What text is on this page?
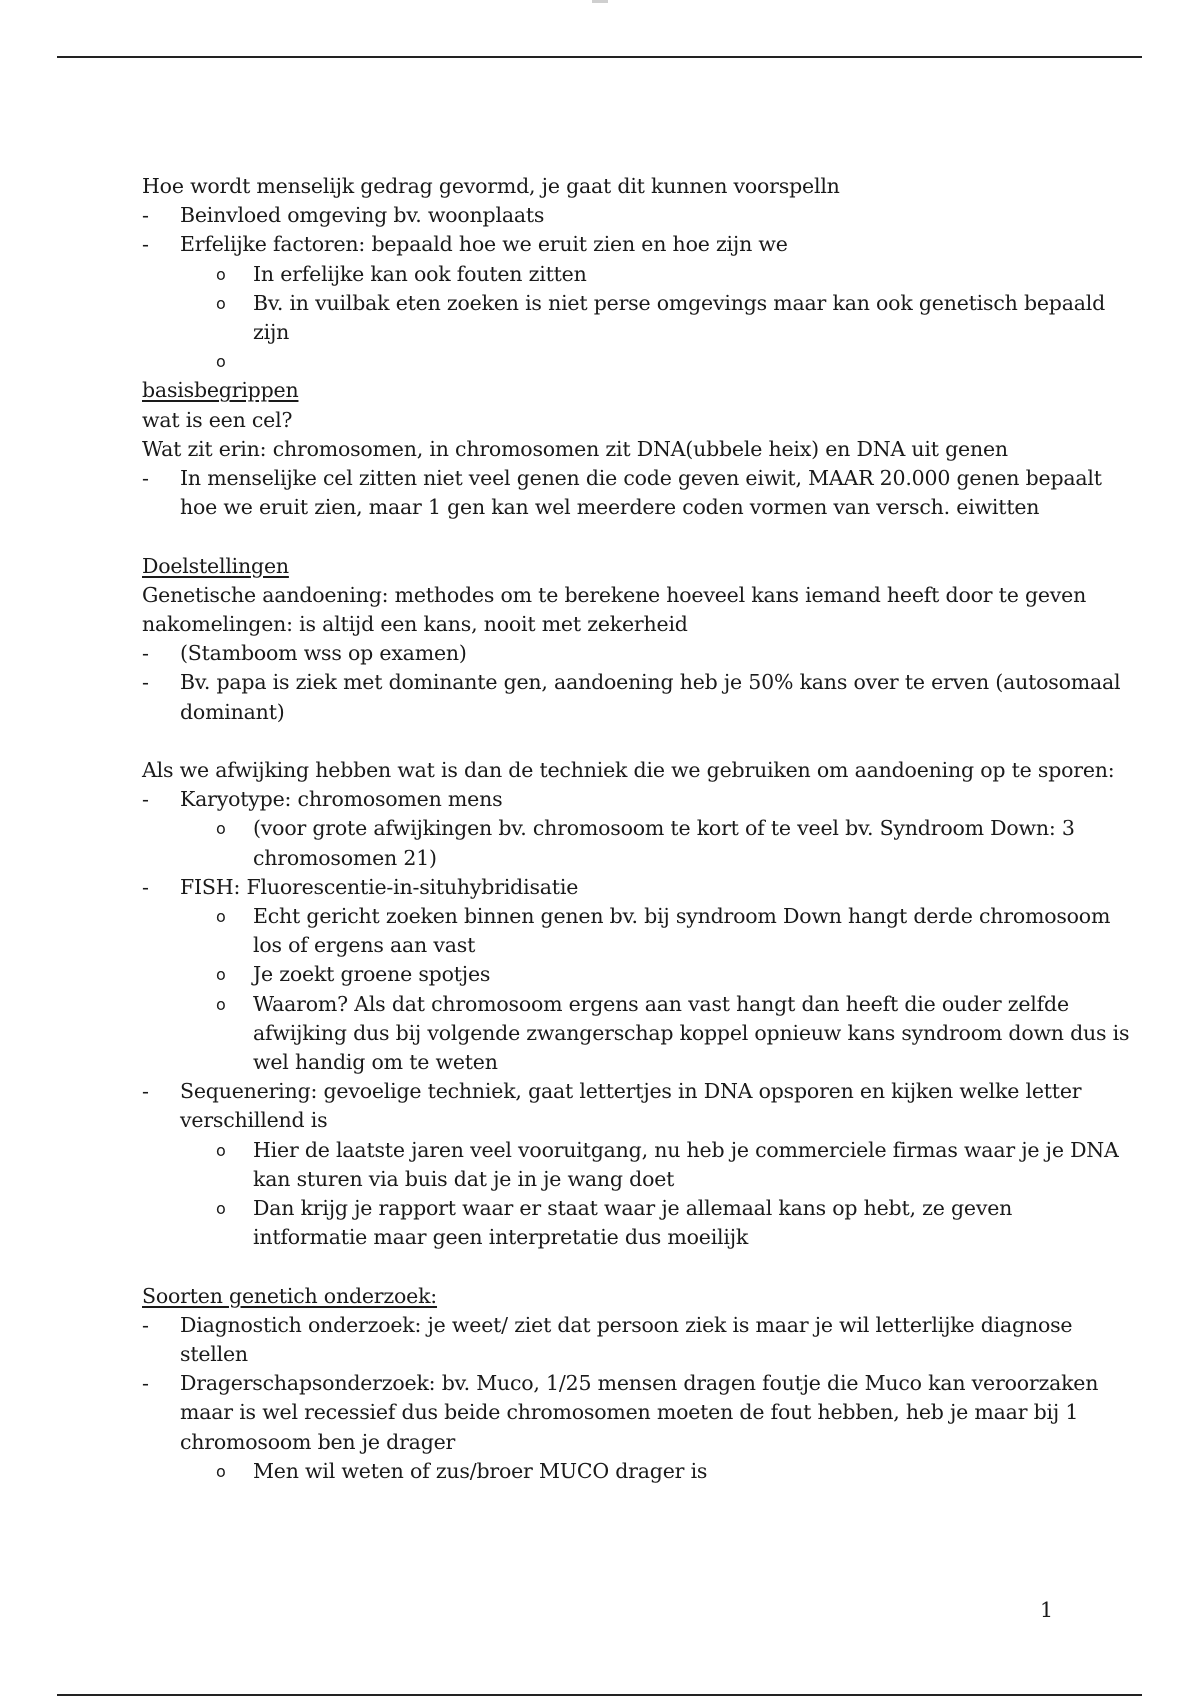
Hoe wordt menselijk gedrag gevormd, je gaat dit kunnen voorspelln
-	Beinvloed omgeving bv. woonplaats
-	Erfelijke factoren: bepaald hoe we eruit zien en hoe zijn we
o	In erfelijke kan ook fouten zitten
o	Bv. in vuilbak eten zoeken is niet perse omgevings maar kan ook genetisch bepaald zijn
o

basisbegrippen
wat is een cel?
Wat zit erin: chromosomen, in chromosomen zit DNA(ubbele heix) en DNA uit genen
-	In menselijke cel zitten niet veel genen die code geven eiwit, MAAR 20.000 genen bepaalt hoe we eruit zien, maar 1 gen kan wel meerdere coden vormen van versch. eiwitten
Doelstellingen
Genetische aandoening: methodes om te berekene hoeveel kans iemand heeft door te geven nakomelingen: is altijd een kans, nooit met zekerheid
-	(Stamboom wss op examen)
-	Bv. papa is ziek met dominante gen, aandoening heb je 50% kans over te erven (autosomaal dominant)
Als we afwijking hebben wat is dan de techniek die we gebruiken om aandoening op te sporen:
-	Karyotype: chromosomen mens
o	(voor grote afwijkingen bv. chromosoom te kort of te veel bv. Syndroom Down: 3 chromosomen 21)
-	FISH: Fluorescentie-in-situhybridisatie
o	Echt gericht zoeken binnen genen bv. bij syndroom Down hangt derde chromosoom los of ergens aan vast
o	Je zoekt groene spotjes
o	Waarom? Als dat chromosoom ergens aan vast hangt dan heeft die ouder zelfde afwijking dus bij volgende zwangerschap koppel opnieuw kans syndroom down dus is wel handig om te weten
-	Sequenering: gevoelige techniek, gaat lettertjes in DNA opsporen en kijken welke letter verschillend is
o	Hier de laatste jaren veel vooruitgang, nu heb je commerciele firmas waar je je DNA kan sturen via buis dat je in je wang doet
o	Dan krijg je rapport waar er staat waar je allemaal kans op hebt, ze geven intformatie maar geen interpretatie dus moeilijk
Soorten genetich onderzoek:
-	Diagnostich onderzoek: je weet/ ziet dat persoon ziek is maar je wil letterlijke diagnose stellen
-	Dragerschapsonderzoek: bv. Muco, 1/25 mensen dragen foutje die Muco kan veroorzaken maar is wel recessief dus beide chromosomen moeten de fout hebben, heb je maar bij 1 chromosoom ben je drager
o	Men wil weten of zus/broer MUCO drager is
1
